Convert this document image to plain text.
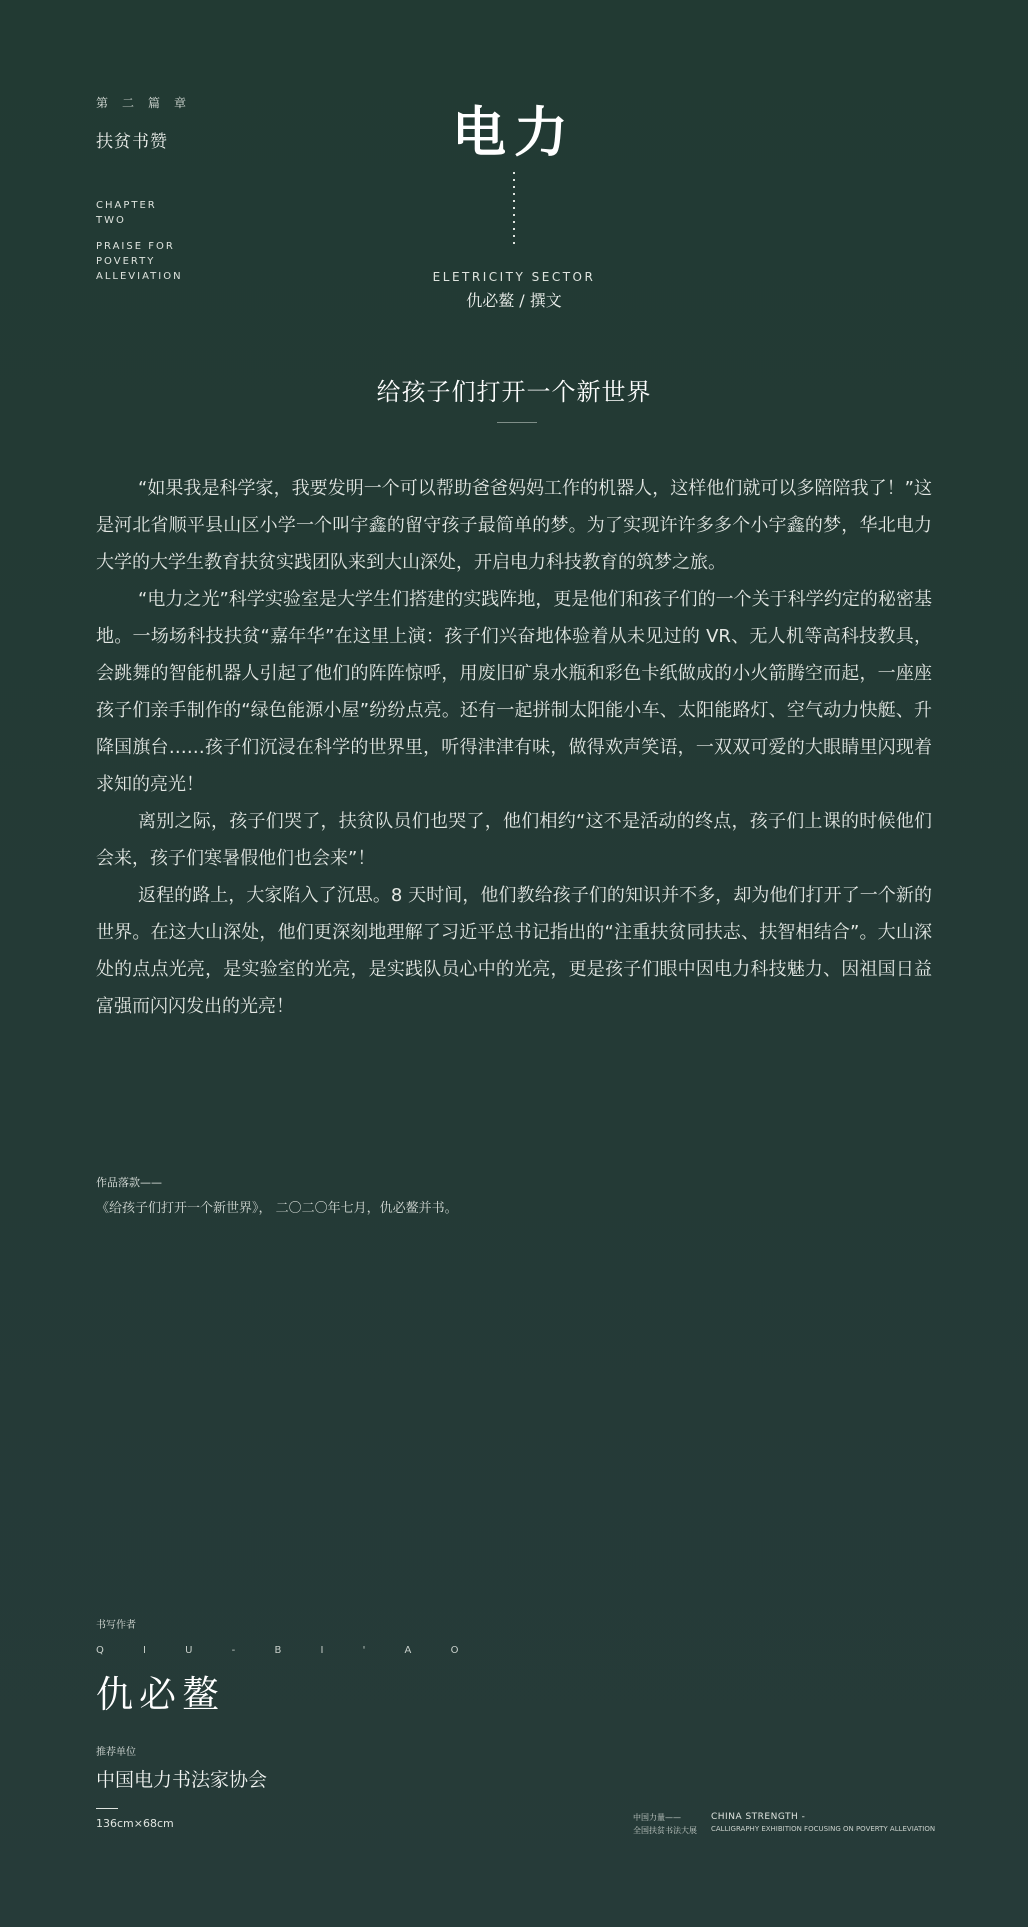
第二篇章
扶贫书赞
CHAPTER
TWO
PRAISE FOR
POVERTY
ALLEVIATION
电力
ELETRICITY SECTOR
仇必鳌 / 撰文
给孩子们打开一个新世界

“如果我是科学家，我要发明一个可以帮助爸爸妈妈工作的机器人，这样他们就可以多陪陪我了！”这是河北省顺平县山区小学一个叫宇鑫的留守孩子最简单的梦。为了实现许许多多个小宇鑫的梦，华北电力大学的大学生教育扶贫实践团队来到大山深处，开启电力科技教育的筑梦之旅。

“电力之光”科学实验室是大学生们搭建的实践阵地，更是他们和孩子们的一个关于科学约定的秘密基地。一场场科技扶贫“嘉年华”在这里上演：孩子们兴奋地体验着从未见过的 VR、无人机等高科技教具，会跳舞的智能机器人引起了他们的阵阵惊呼，用废旧矿泉水瓶和彩色卡纸做成的小火箭腾空而起，一座座孩子们亲手制作的“绿色能源小屋”纷纷点亮。还有一起拼制太阳能小车、太阳能路灯、空气动力快艇、升降国旗台……孩子们沉浸在科学的世界里，听得津津有味，做得欢声笑语，一双双可爱的大眼睛里闪现着求知的亮光！

离别之际，孩子们哭了，扶贫队员们也哭了，他们相约“这不是活动的终点，孩子们上课的时候他们会来，孩子们寒暑假他们也会来”！

返程的路上，大家陷入了沉思。8 天时间，他们教给孩子们的知识并不多，却为他们打开了一个新的世界。在这大山深处，他们更深刻地理解了习近平总书记指出的“注重扶贫同扶志、扶智相结合”。大山深处的点点光亮，是实验室的光亮，是实践队员心中的光亮，更是孩子们眼中因电力科技魅力、因祖国日益富强而闪闪发出的光亮！

作品落款——
《给孩子们打开一个新世界》， 二〇二〇年七月，仇必鳌并书。
书写作者
Q I U - B I ' A O
仇必鳌
推荐单位
中国电力书法家协会
136cm×68cm	中国力量——
全国扶贫书法大展
CHINA STRENGTH -
CALLIGRAPHY EXHIBITION FOCUSING ON POVERTY ALLEVIATION
